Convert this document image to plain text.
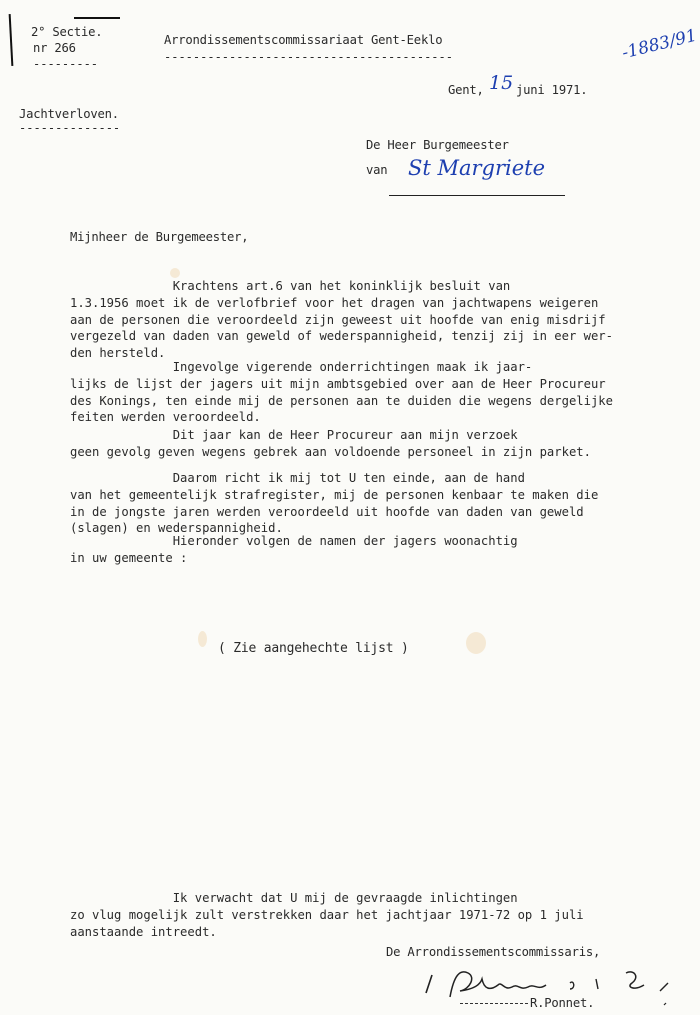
2° Sectie.
nr 266
---------
Jachtverloven.
--------------
Arrondissementscommissariaat Gent-Eeklo
----------------------------------------
Gent, 15 juni 1971.
-1883/91
De Heer Burgemeester
van St Margriete
Mijnheer de Burgemeester,

Krachtens art.6 van het koninklijk besluit van

1.3.1956 moet ik de verlofbrief voor het dragen van jachtwapens weigeren

aan de personen die veroordeeld zijn geweest uit hoofde van enig misdrijf

vergezeld van daden van geweld of wederspannigheid, tenzij zij in eer wer-

den hersteld.

Ingevolge vigerende onderrichtingen maak ik jaar-

lijks de lijst der jagers uit mijn ambtsgebied over aan de Heer Procureur

des Konings, ten einde mij de personen aan te duiden die wegens dergelijke

feiten werden veroordeeld.

Dit jaar kan de Heer Procureur aan mijn verzoek

geen gevolg geven wegens gebrek aan voldoende personeel in zijn parket.

Daarom richt ik mij tot U ten einde, aan de hand

van het gemeentelijk strafregister, mij de personen kenbaar te maken die

in de jongste jaren werden veroordeeld uit hoofde van daden van geweld

(slagen) en wederspannigheid.

Hieronder volgen de namen der jagers woonachtig

in uw gemeente :

( Zie aangehechte lijst )

Ik verwacht dat U mij de gevraagde inlichtingen

zo vlug mogelijk zult verstrekken daar het jachtjaar 1971-72 op 1 juli

aanstaande intreedt.

De Arrondissementscommissaris,
R.Ponnet.
